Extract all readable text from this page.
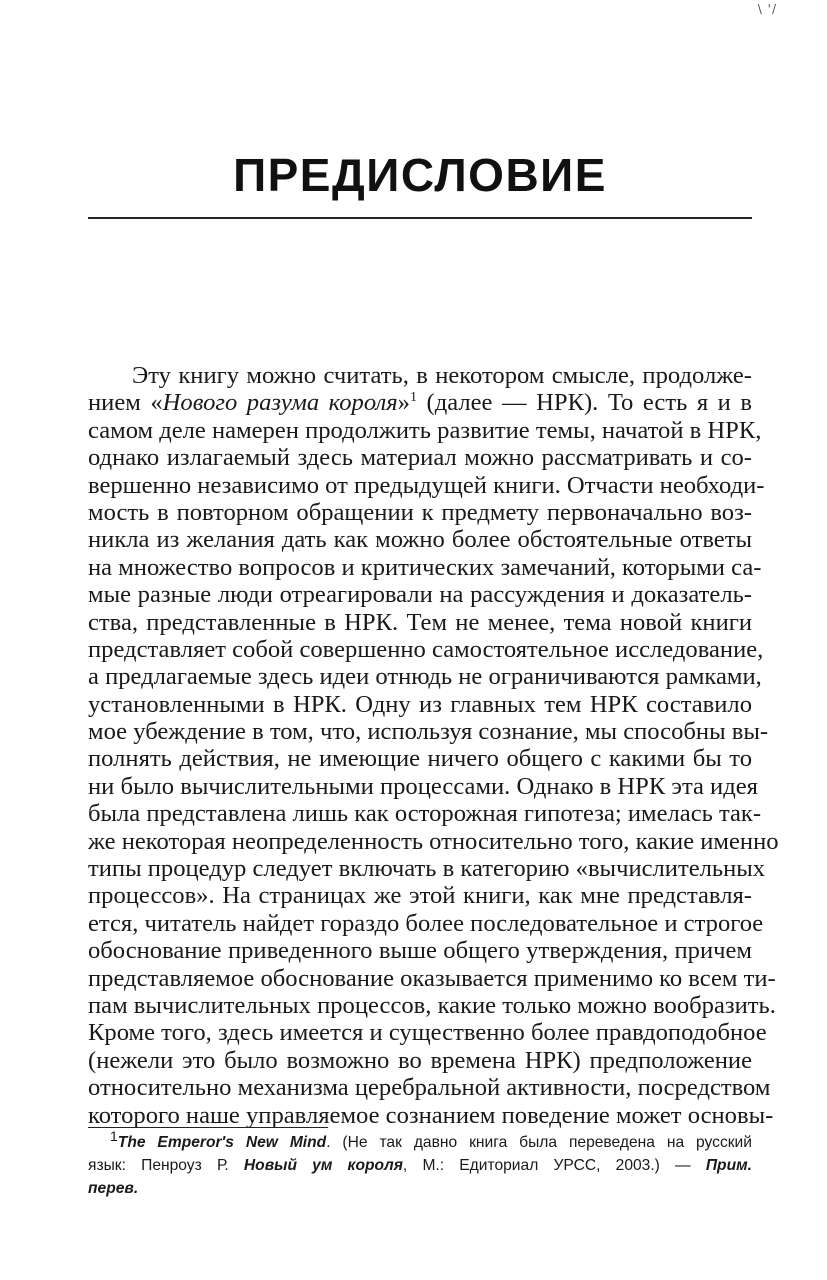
\ '/
ПРЕДИСЛОВИЕ
Эту книгу можно считать, в некотором смысле, продолже-
нием «Нового разума короля»$^1$ (далее — НРК). То есть я и в
самом деле намерен продолжить развитие темы, начатой в НРК,
однако излагаемый здесь материал можно рассматривать и со-
вершенно независимо от предыдущей книги. Отчасти необходи-
мость в повторном обращении к предмету первоначально воз-
никла из желания дать как можно более обстоятельные ответы
на множество вопросов и критических замечаний, которыми са-
мые разные люди отреагировали на рассуждения и доказатель-
ства, представленные в НРК. Тем не менее, тема новой книги
представляет собой совершенно самостоятельное исследование,
а предлагаемые здесь идеи отнюдь не ограничиваются рамками,
установленными в НРК. Одну из главных тем НРК составило
мое убеждение в том, что, используя сознание, мы способны вы-
полнять действия, не имеющие ничего общего с какими бы то
ни было вычислительными процессами. Однако в НРК эта идея
была представлена лишь как осторожная гипотеза; имелась так-
же некоторая неопределенность относительно того, какие именно
типы процедур следует включать в категорию «вычислительных
процессов». На страницах же этой книги, как мне представля-
ется, читатель найдет гораздо более последовательное и строгое
обоснование приведенного выше общего утверждения, причем
представляемое обоснование оказывается применимо ко всем ти-
пам вычислительных процессов, какие только можно вообразить.
Кроме того, здесь имеется и существенно более правдоподобное
(нежели это было возможно во времена НРК) предположение
относительно механизма церебральной активности, посредством
которого наше управляемое сознанием поведение может основы-
1The Emperor's New Mind. (Не так давно книга была переведена на русский
язык: Пенроуз Р. Новый ум короля, М.: Едиториал УРСС, 2003.) — Прим.
перев.
